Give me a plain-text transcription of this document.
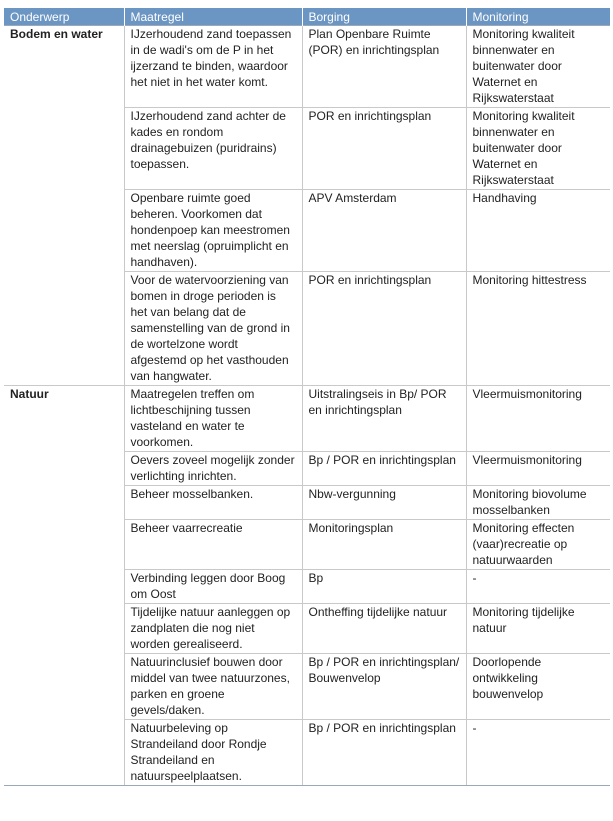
Onderwerp	Maatregel	Borging	Monitoring
Bodem en water	IJzerhoudend zand toepassen in de wadi's om de P in het ijzerzand te binden, waardoor het niet in het water komt.	Plan Openbare Ruimte (POR) en inrichtingsplan	Monitoring kwaliteit binnenwater en buitenwater door Waternet en Rijkswaterstaat
	IJzerhoudend zand achter de kades en rondom drainagebuizen (puridrains) toepassen.	POR en inrichtingsplan	Monitoring kwaliteit binnenwater en buitenwater door Waternet en Rijkswaterstaat
	Openbare ruimte goed beheren. Voorkomen dat hondenpoep kan meestromen met neerslag (opruimplicht en handhaven).	APV Amsterdam	Handhaving
	Voor de watervoorziening van bomen in droge perioden is het van belang dat de samenstelling van de grond in de wortelzone wordt afgestemd op het vasthouden van hangwater.	POR en inrichtingsplan	Monitoring hittestress
Natuur	Maatregelen treffen om lichtbeschijning tussen vasteland en water te voorkomen.	Uitstralingseis in Bp/ POR en inrichtingsplan	Vleermuismonitoring
	Oevers zoveel mogelijk zonder verlichting inrichten.	Bp / POR en inrichtingsplan	Vleermuismonitoring
	Beheer mosselbanken.	Nbw-vergunning	Monitoring biovolume mosselbanken
	Beheer vaarrecreatie	Monitoringsplan	Monitoring effecten (vaar)recreatie op natuurwaarden
	Verbinding leggen door Boog om Oost	Bp	-
	Tijdelijke natuur aanleggen op zandplaten die nog niet worden gerealiseerd.	Ontheffing tijdelijke natuur	Monitoring tijdelijke natuur
	Natuurinclusief bouwen door middel van twee natuurzones, parken en groene gevels/daken.	Bp / POR en inrichtingsplan/ Bouwenvelop	Doorlopende ontwikkeling bouwenvelop
	Natuurbeleving op Strandeiland door Rondje Strandeiland en natuurspeelplaatsen.	Bp / POR en inrichtingsplan	-
